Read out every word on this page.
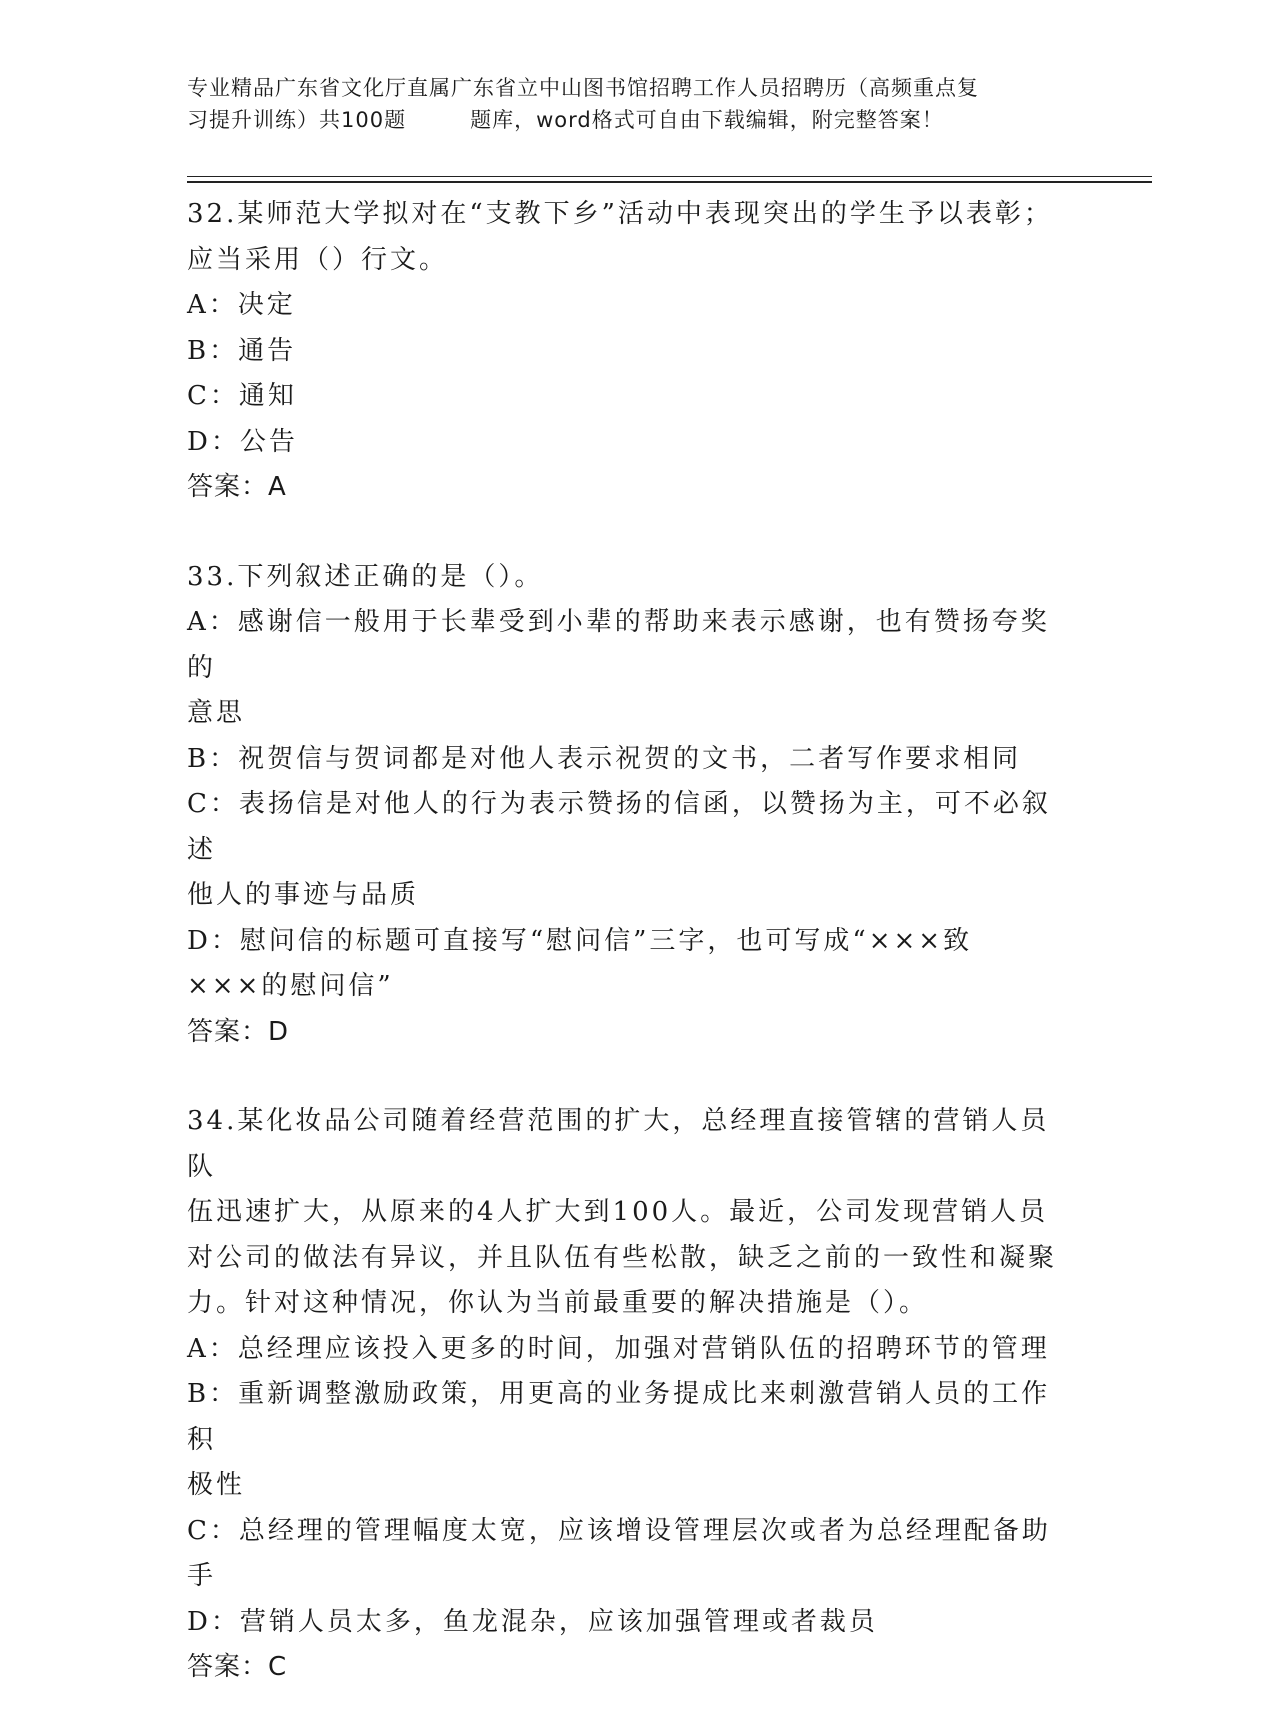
专业精品广东省文化厅直属广东省立中山图书馆招聘工作人员招聘历（高频重点复
习提升训练）共100题	题库，word格式可自由下载编辑，附完整答案！
32.某师范大学拟对在“支教下乡”活动中表现突出的学生予以表彰；
应当采用（）行文。
A：决定
B：通告
C：通知
D：公告
答案：A
33.下列叙述正确的是（）。
A：感谢信一般用于长辈受到小辈的帮助来表示感谢，也有赞扬夸奖的
意思
B：祝贺信与贺词都是对他人表示祝贺的文书，二者写作要求相同
C：表扬信是对他人的行为表示赞扬的信函，以赞扬为主，可不必叙述
他人的事迹与品质
D：慰问信的标题可直接写“慰问信”三字，也可写成“×××致
×××的慰问信”
答案：D
34.某化妆品公司随着经营范围的扩大，总经理直接管辖的营销人员队
伍迅速扩大，从原来的4人扩大到100人。最近，公司发现营销人员
对公司的做法有异议，并且队伍有些松散，缺乏之前的一致性和凝聚
力。针对这种情况，你认为当前最重要的解决措施是（）。
A：总经理应该投入更多的时间，加强对营销队伍的招聘环节的管理
B：重新调整激励政策，用更高的业务提成比来刺激营销人员的工作积
极性
C：总经理的管理幅度太宽，应该增设管理层次或者为总经理配备助手
D：营销人员太多，鱼龙混杂，应该加强管理或者裁员
答案：C
